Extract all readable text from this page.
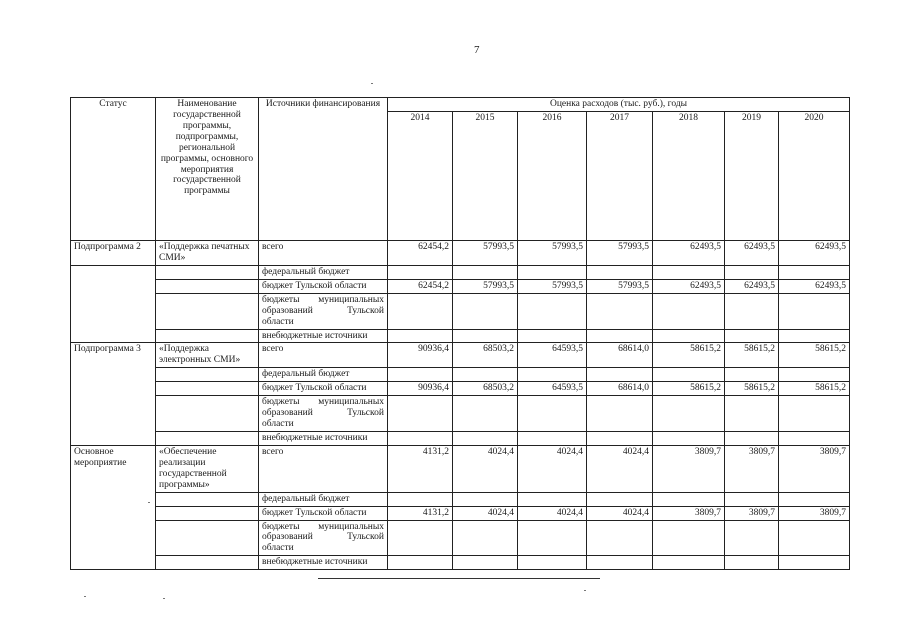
7
Статус	Наименование государственной программы, подпрограммы, региональной программы, основного мероприятия государственной программы	Источники финансирования	Оценка расходов (тыс. руб.), годы						
			2014	2015	2016	2017	2018	2019	2020
Подпрограмма 2	«Поддержка печатных СМИ»	всего	62454,2	57993,5	57993,5	57993,5	62493,5	62493,5	62493,5
		федеральный бюджет							
		бюджет Тульской области	62454,2	57993,5	57993,5	57993,5	62493,5	62493,5	62493,5
		бюджеты муниципальных образований Тульской области							
		внебюджетные источники							
Подпрограмма 3	«Поддержка электронных СМИ»	всего	90936,4	68503,2	64593,5	68614,0	58615,2	58615,2	58615,2
		федеральный бюджет							
		бюджет Тульской области	90936,4	68503,2	64593,5	68614,0	58615,2	58615,2	58615,2
		бюджеты муниципальных образований Тульской области							
		внебюджетные источники							
Основное мероприятие	«Обеспечение реализации государственной программы»	всего	4131,2	4024,4	4024,4	4024,4	3809,7	3809,7	3809,7
		федеральный бюджет							
		бюджет Тульской области	4131,2	4024,4	4024,4	4024,4	3809,7	3809,7	3809,7
		бюджеты муниципальных образований Тульской области							
		внебюджетные источники							
